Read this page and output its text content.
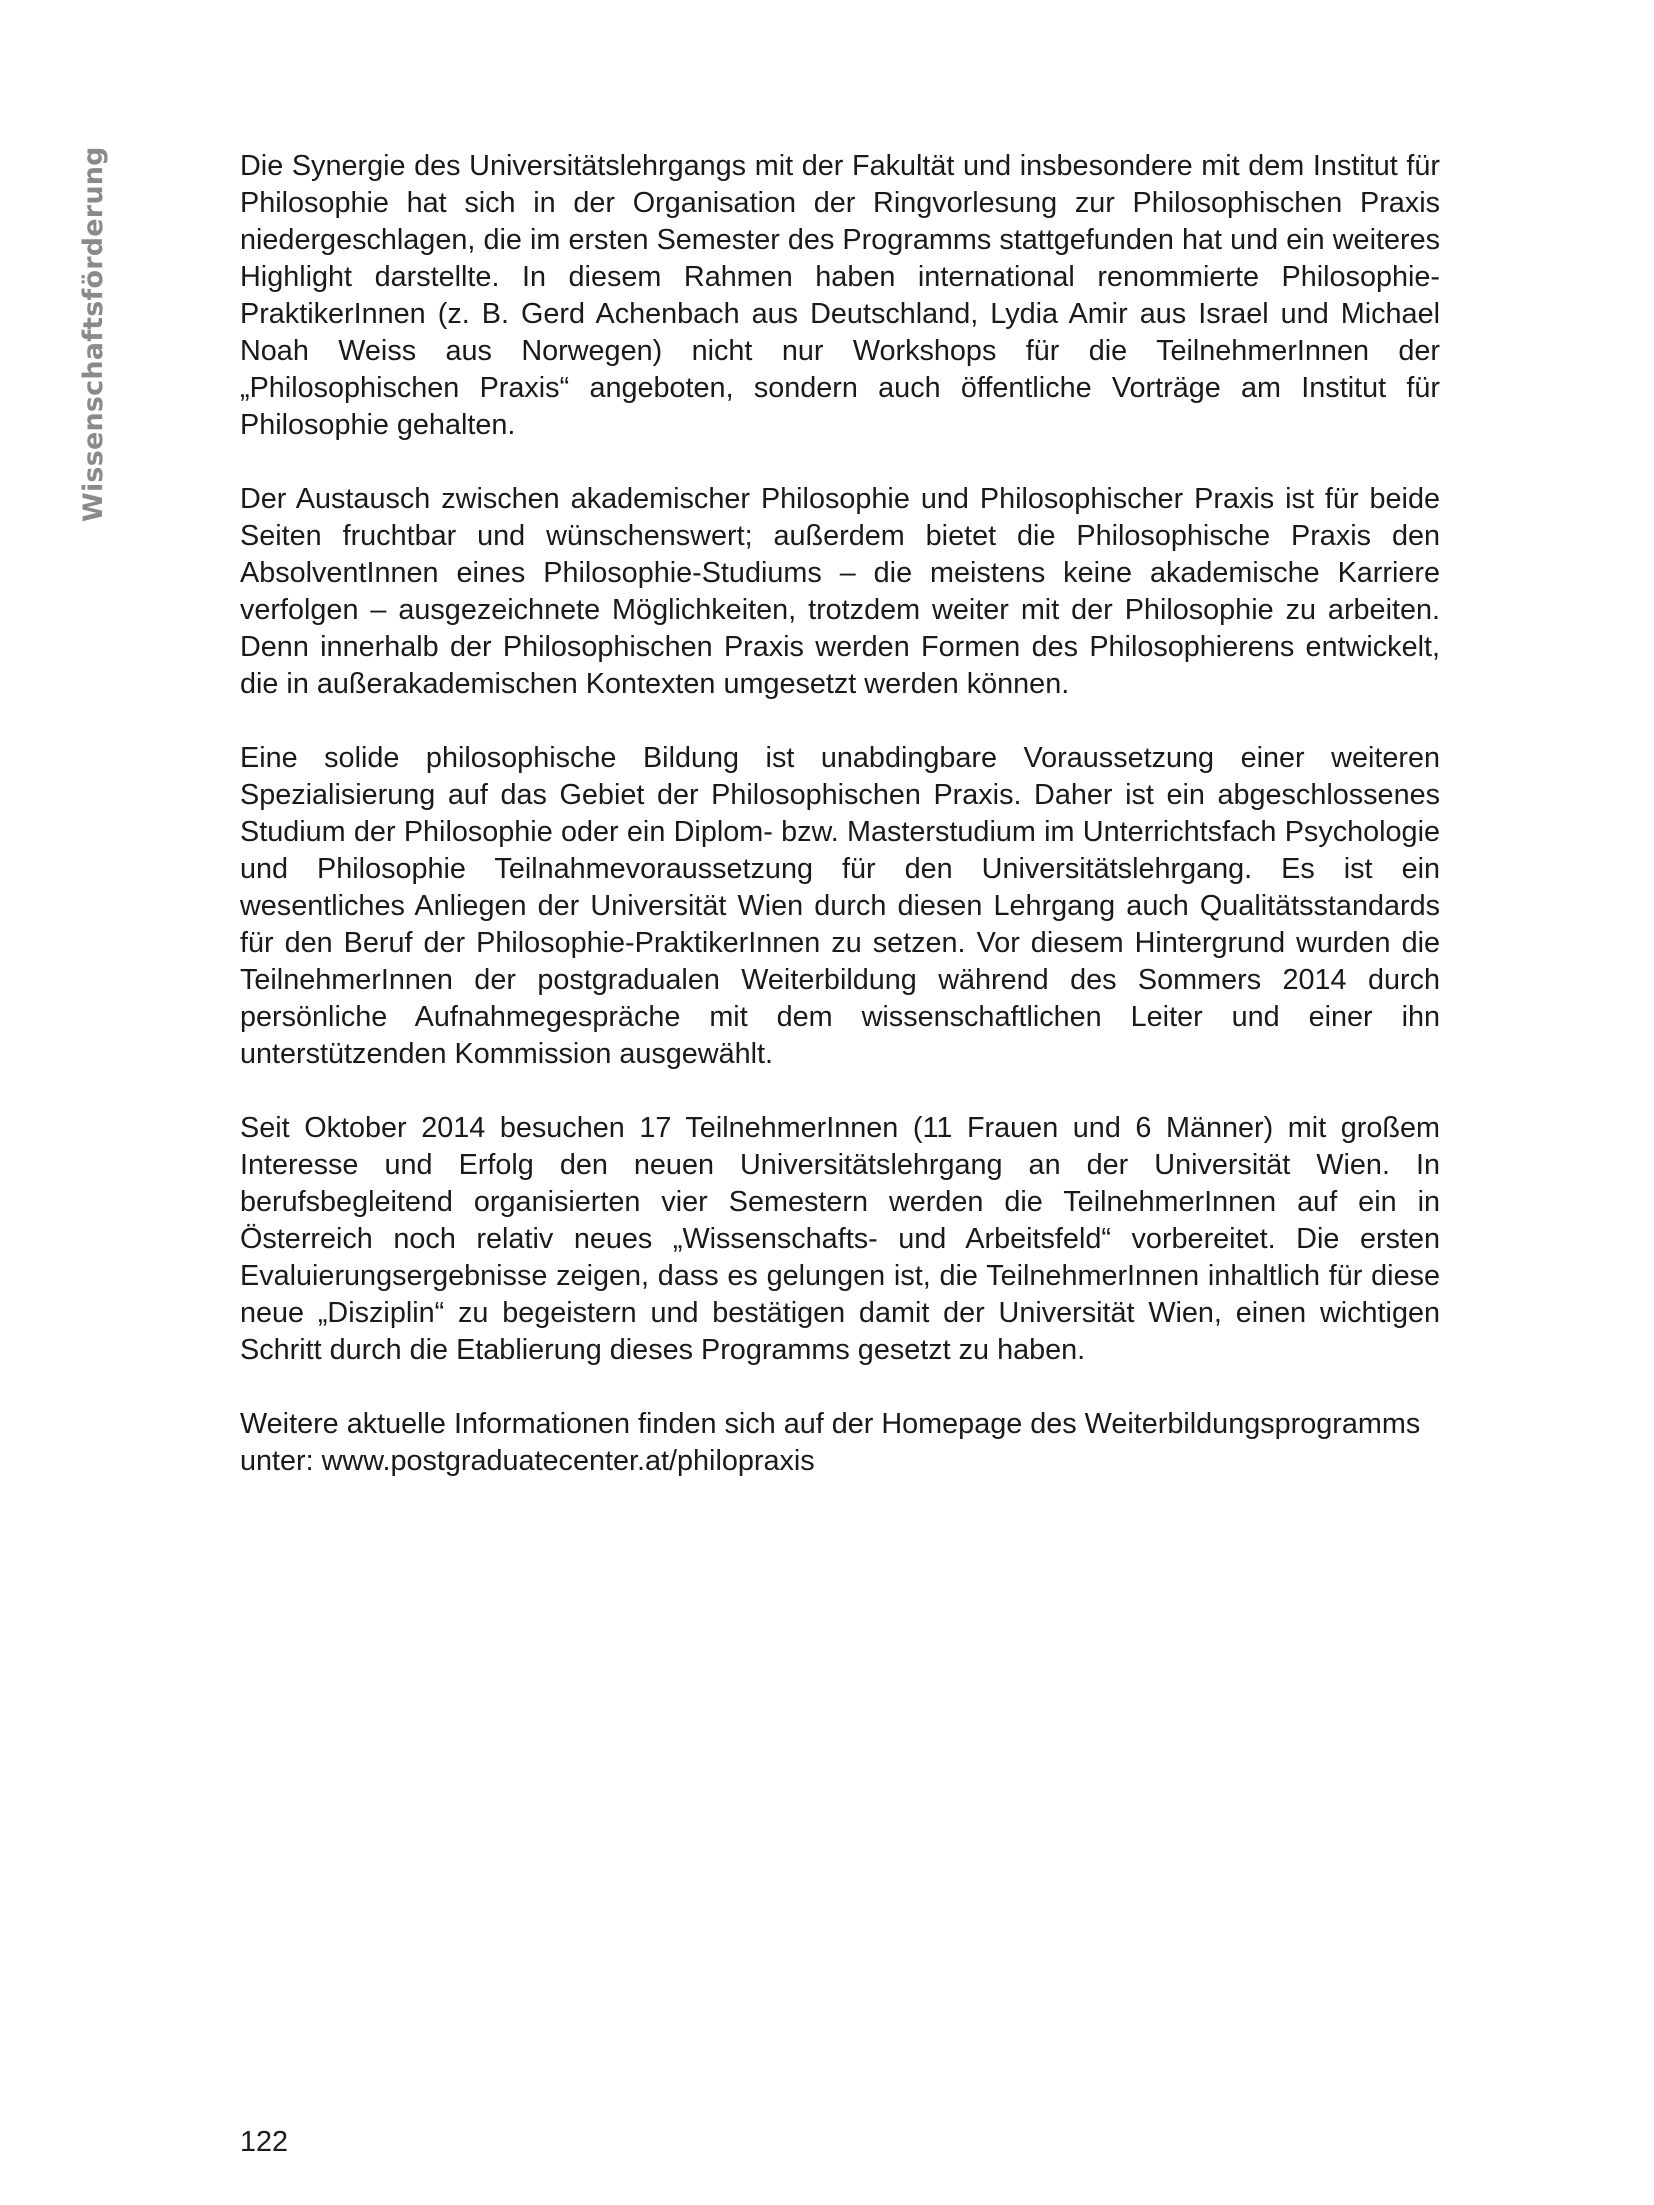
Wissenschaftsförderung	Die Synergie des Universitätslehrgangs mit der Fakultät und insbesondere mit dem Institut für Philosophie hat sich in der Organisation der Ringvorlesung zur Philosophischen Praxis niedergeschlagen, die im ersten Semester des Programms stattgefunden hat und ein weiteres Highlight darstellte. In diesem Rahmen haben international renommierte Philosophie-PraktikerInnen (z. B. Gerd Achenbach aus Deutschland, Lydia Amir aus Israel und Michael Noah Weiss aus Norwegen) nicht nur Workshops für die TeilnehmerInnen der „Philosophischen Praxis“ angeboten, sondern auch öffentliche Vorträge am Institut für Philosophie gehalten.

Der Austausch zwischen akademischer Philosophie und Philosophischer Praxis ist für beide Seiten fruchtbar und wünschenswert; außerdem bietet die Philosophische Praxis den AbsolventInnen eines Philosophie-Studiums – die meistens keine akademische Karriere verfolgen – ausgezeichnete Möglichkeiten, trotzdem weiter mit der Philosophie zu arbeiten. Denn innerhalb der Philosophischen Praxis werden Formen des Philosophierens entwickelt, die in außerakademischen Kontexten umgesetzt werden können.

Eine solide philosophische Bildung ist unabdingbare Voraussetzung einer weiteren Spezialisierung auf das Gebiet der Philosophischen Praxis. Daher ist ein abgeschlossenes Studium der Philosophie oder ein Diplom- bzw. Masterstudium im Unterrichtsfach Psychologie und Philosophie Teilnahmevoraussetzung für den Universitätslehrgang. Es ist ein wesentliches Anliegen der Universität Wien durch diesen Lehrgang auch Qualitätsstandards für den Beruf der Philosophie-PraktikerInnen zu setzen. Vor diesem Hintergrund wurden die TeilnehmerInnen der postgradualen Weiterbildung während des Sommers 2014 durch persönliche Aufnahmegespräche mit dem wissenschaftlichen Leiter und einer ihn unterstützenden Kommission ausgewählt.

Seit Oktober 2014 besuchen 17 TeilnehmerInnen (11 Frauen und 6 Männer) mit großem Interesse und Erfolg den neuen Universitätslehrgang an der Universität Wien. In berufsbegleitend organisierten vier Semestern werden die TeilnehmerInnen auf ein in Österreich noch relativ neues „Wissenschafts- und Arbeitsfeld“ vorbereitet. Die ersten Evaluierungsergebnisse zeigen, dass es gelungen ist, die TeilnehmerInnen inhaltlich für diese neue „Disziplin“ zu begeistern und bestätigen damit der Universität Wien, einen wichtigen Schritt durch die Etablierung dieses Programms gesetzt zu haben.

Weitere aktuelle Informationen finden sich auf der Homepage des Weiterbildungsprogramms unter: www.postgraduatecenter.at/philopraxis

122
